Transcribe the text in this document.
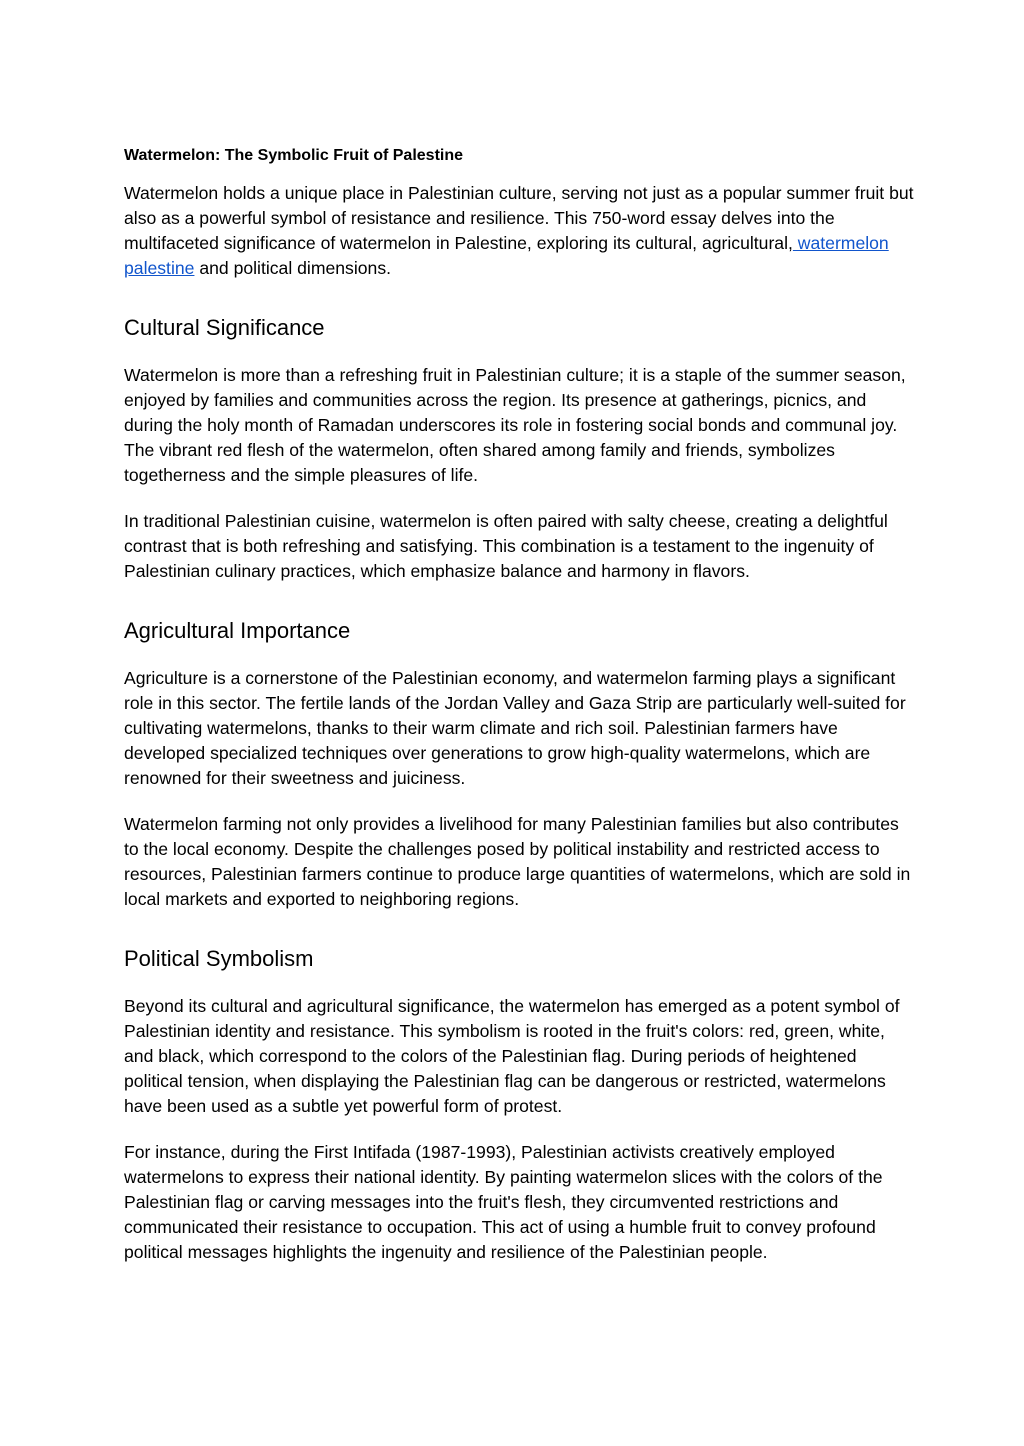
Watermelon: The Symbolic Fruit of Palestine

Watermelon holds a unique place in Palestinian culture, serving not just as a popular summer fruit but also as a powerful symbol of resistance and resilience. This 750-word essay delves into the multifaceted significance of watermelon in Palestine, exploring its cultural, agricultural, watermelon palestine and political dimensions.

Cultural Significance

Watermelon is more than a refreshing fruit in Palestinian culture; it is a staple of the summer season, enjoyed by families and communities across the region. Its presence at gatherings, picnics, and during the holy month of Ramadan underscores its role in fostering social bonds and communal joy. The vibrant red flesh of the watermelon, often shared among family and friends, symbolizes togetherness and the simple pleasures of life.

In traditional Palestinian cuisine, watermelon is often paired with salty cheese, creating a delightful contrast that is both refreshing and satisfying. This combination is a testament to the ingenuity of Palestinian culinary practices, which emphasize balance and harmony in flavors.

Agricultural Importance

Agriculture is a cornerstone of the Palestinian economy, and watermelon farming plays a significant role in this sector. The fertile lands of the Jordan Valley and Gaza Strip are particularly well-suited for cultivating watermelons, thanks to their warm climate and rich soil. Palestinian farmers have developed specialized techniques over generations to grow high-quality watermelons, which are renowned for their sweetness and juiciness.

Watermelon farming not only provides a livelihood for many Palestinian families but also contributes to the local economy. Despite the challenges posed by political instability and restricted access to resources, Palestinian farmers continue to produce large quantities of watermelons, which are sold in local markets and exported to neighboring regions.

Political Symbolism

Beyond its cultural and agricultural significance, the watermelon has emerged as a potent symbol of Palestinian identity and resistance. This symbolism is rooted in the fruit's colors: red, green, white, and black, which correspond to the colors of the Palestinian flag. During periods of heightened political tension, when displaying the Palestinian flag can be dangerous or restricted, watermelons have been used as a subtle yet powerful form of protest.

For instance, during the First Intifada (1987-1993), Palestinian activists creatively employed watermelons to express their national identity. By painting watermelon slices with the colors of the Palestinian flag or carving messages into the fruit's flesh, they circumvented restrictions and communicated their resistance to occupation. This act of using a humble fruit to convey profound political messages highlights the ingenuity and resilience of the Palestinian people.
